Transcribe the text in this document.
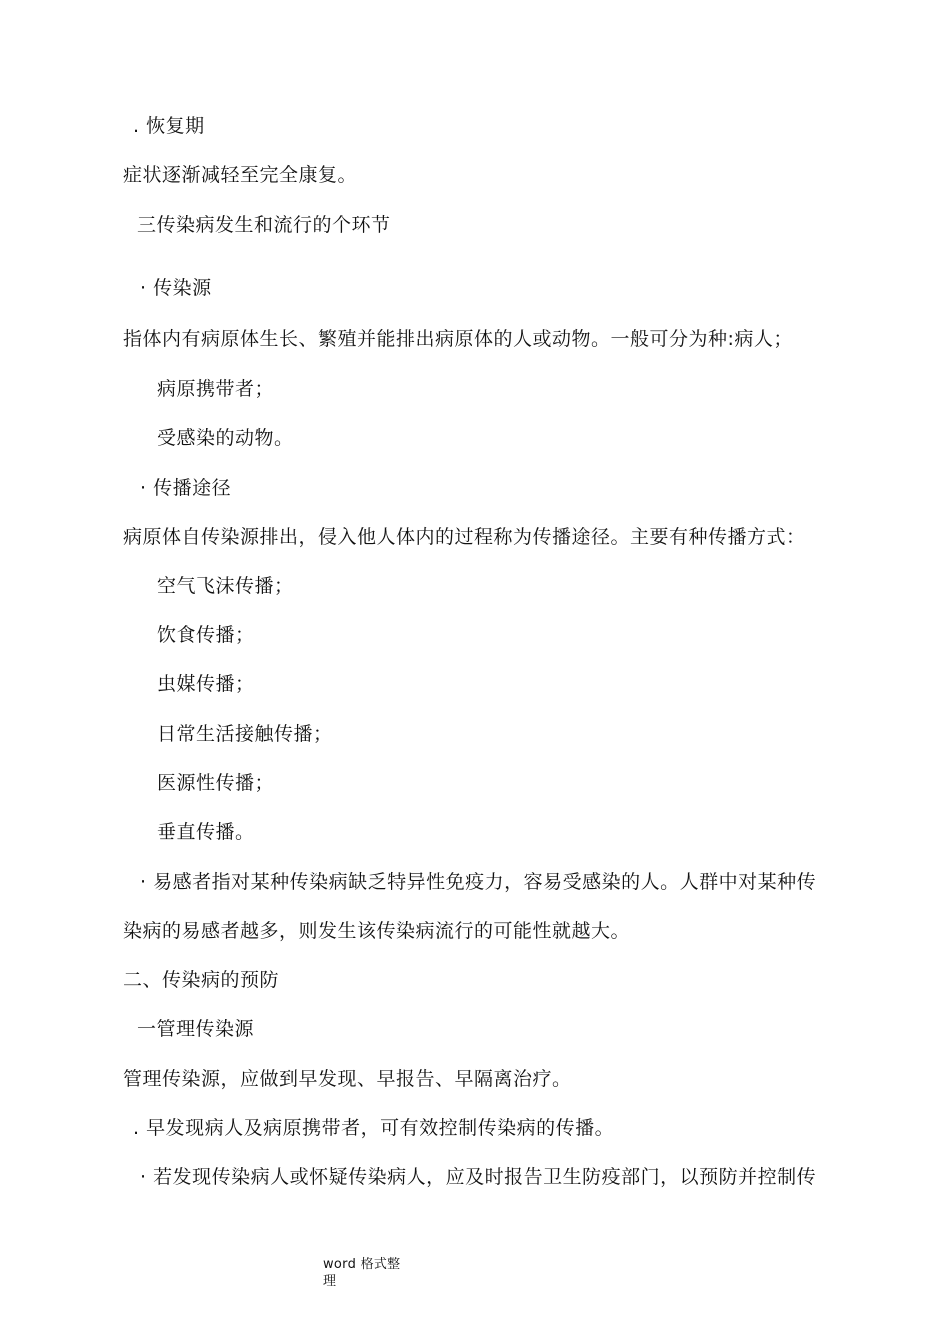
. 恢复期
症状逐渐减轻至完全康复。
三传染病发生和流行的个环节
· 传染源
指体内有病原体生长、繁殖并能排出病原体的人或动物。一般可分为种:病人；
病原携带者；
受感染的动物。
· 传播途径
病原体自传染源排出，侵入他人体内的过程称为传播途径。主要有种传播方式：
空气飞沫传播；
饮食传播；
虫媒传播；
日常生活接触传播；
医源性传播；
垂直传播。
· 易感者指对某种传染病缺乏特异性免疫力，容易受感染的人。人群中对某种传
染病的易感者越多，则发生该传染病流行的可能性就越大。
二、传染病的预防
一管理传染源
管理传染源，应做到早发现、早报告、早隔离治疗。
. 早发现病人及病原携带者，可有效控制传染病的传播。
· 若发现传染病人或怀疑传染病人，应及时报告卫生防疫部门，以预防并控制传
word 格式整理
